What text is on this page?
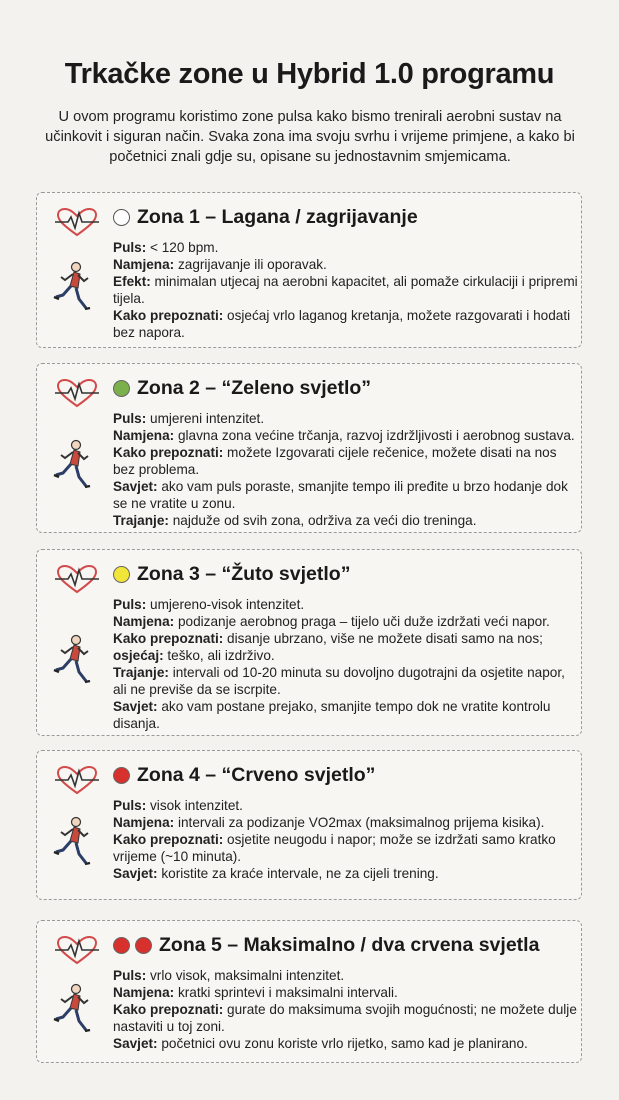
Trkačke zone u Hybrid 1.0 programu
U ovom programu koristimo zone pulsa kako bismo trenirali aerobni sustav na učinkovit i siguran način. Svaka zona ima svoju svrhu i vrijeme primjene, a kako bi početnici znali gdje su, opisane su jednostavnim smjemicama.
Zona 1 – Lagana / zagrijavanje
Puls: < 120 bpm.
Namjena: zagrijavanje ili oporavak.
Efekt: minimalan utjecaj na aerobni kapacitet, ali pomaže cirkulaciji i pripremi tijela.
Kako prepoznati: osjećaj vrlo laganog kretanja, možete razgovarati i hodati bez napora.
Zona 2 – “Zeleno svjetlo”
Puls: umjereni intenzitet.
Namjena: glavna zona većine trčanja, razvoj izdržljivosti i aerobnog sustava.
Kako prepoznati: možete Izgovarati cijele rečenice, možete disati na nos bez problema.
Savjet: ako vam puls poraste, smanjite tempo ili pređite u brzo hodanje dok se ne vratite u zonu.
Trajanje: najduže od svih zona, održiva za veći dio treninga.
Zona 3 – “Žuto svjetlo”
Puls: umjereno-visok intenzitet.
Namjena: podizanje aerobnog praga – tijelo uči duže izdržati veći napor.
Kako prepoznati: disanje ubrzano, više ne možete disati samo na nos;
osjećaj: teško, ali izdrživo.
Trajanje: intervali od 10-20 minuta su dovoljno dugotrajni da osjetite napor, ali ne previše da se iscrpite.
Savjet: ako vam postane prejako, smanjite tempo dok ne vratite kontrolu disanja.
Zona 4 – “Crveno svjetlo”
Puls: visok intenzitet.
Namjena: intervali za podizanje VO2max (maksimalnog prijema kisika).
Kako prepoznati: osjetite neugodu i napor; može se izdržati samo kratko vrijeme (~10 minuta).
Savjet: koristite za kraće intervale, ne za cijeli trening.
Zona 5 – Maksimalno / dva crvena svjetla
Puls: vrlo visok, maksimalni intenzitet.
Namjena: kratki sprintevi i maksimalni intervali.
Kako prepoznati: gurate do maksimuma svojih mogućnosti; ne možete dulje nastaviti u toj zoni.
Savjet: početnici ovu zonu koriste vrlo rijetko, samo kad je planirano.
